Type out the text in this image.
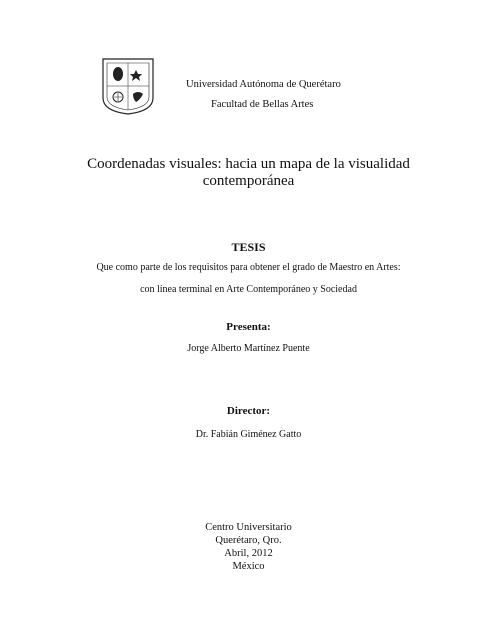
Universidad Autónoma de Querétaro
Facultad de Bellas Artes
Coordenadas visuales: hacia un mapa de la visualidad
contemporánea
TESIS
Que como parte de los requisitos para obtener el grado de Maestro en Artes:
con línea terminal en Arte Contemporáneo y Sociedad
Presenta:
Jorge Alberto Martínez Puente
Director:
Dr. Fabián Giménez Gatto
Centro Universitario
Querétaro, Qro.
Abril, 2012
México
